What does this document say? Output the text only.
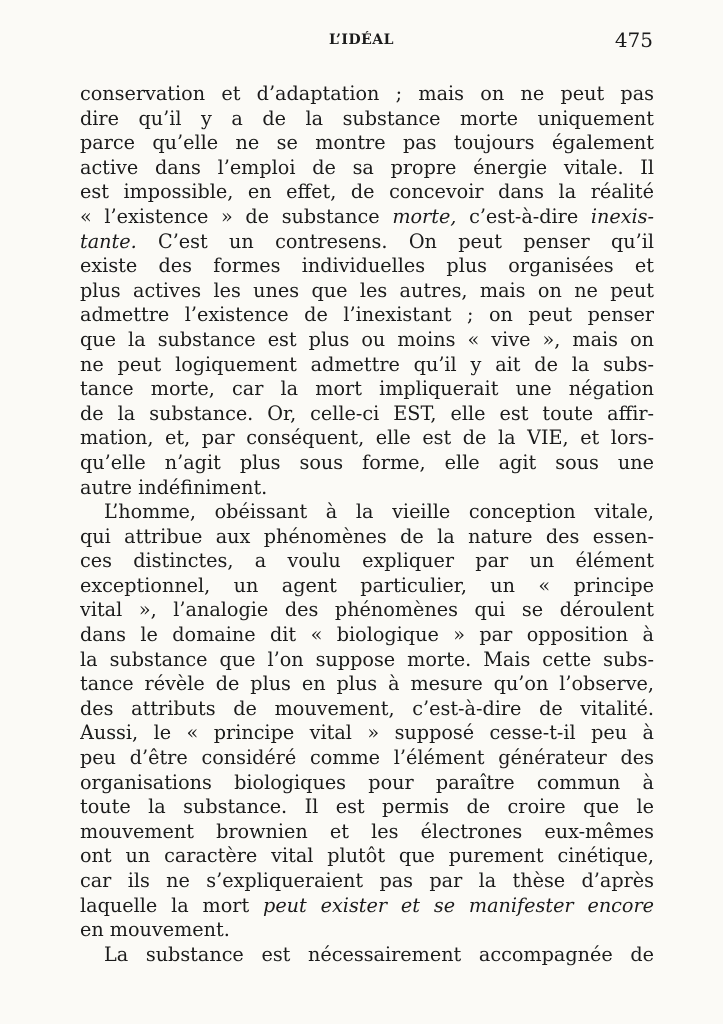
L’IDÉAL	475
conservation et d’adaptation ; mais on ne peut pas
dire qu’il y a de la substance morte uniquement
parce qu’elle ne se montre pas toujours également
active dans l’emploi de sa propre énergie vitale. Il
est impossible, en effet, de concevoir dans la réalité
« l’existence » de substance morte, c’est-à-dire inexis-
tante. C’est un contresens. On peut penser qu’il
existe des formes individuelles plus organisées et
plus actives les unes que les autres, mais on ne peut
admettre l’existence de l’inexistant ; on peut penser
que la substance est plus ou moins « vive », mais on
ne peut logiquement admettre qu’il y ait de la subs-
tance morte, car la mort impliquerait une négation
de la substance. Or, celle-ci EST, elle est toute affir-
mation, et, par conséquent, elle est de la VIE, et lors-
qu’elle n’agit plus sous forme, elle agit sous une
autre indéfiniment.
L’homme, obéissant à la vieille conception vitale,
qui attribue aux phénomènes de la nature des essen-
ces distinctes, a voulu expliquer par un élément
exceptionnel, un agent particulier, un « principe
vital », l’analogie des phénomènes qui se déroulent
dans le domaine dit « biologique » par opposition à
la substance que l’on suppose morte. Mais cette subs-
tance révèle de plus en plus à mesure qu’on l’observe,
des attributs de mouvement, c’est-à-dire de vitalité.
Aussi, le « principe vital » supposé cesse-t-il peu à
peu d’être considéré comme l’élément générateur des
organisations biologiques pour paraître commun à
toute la substance. Il est permis de croire que le
mouvement brownien et les électrones eux-mêmes
ont un caractère vital plutôt que purement cinétique,
car ils ne s’expliqueraient pas par la thèse d’après
laquelle la mort peut exister et se manifester encore
en mouvement.
La substance est nécessairement accompagnée de
